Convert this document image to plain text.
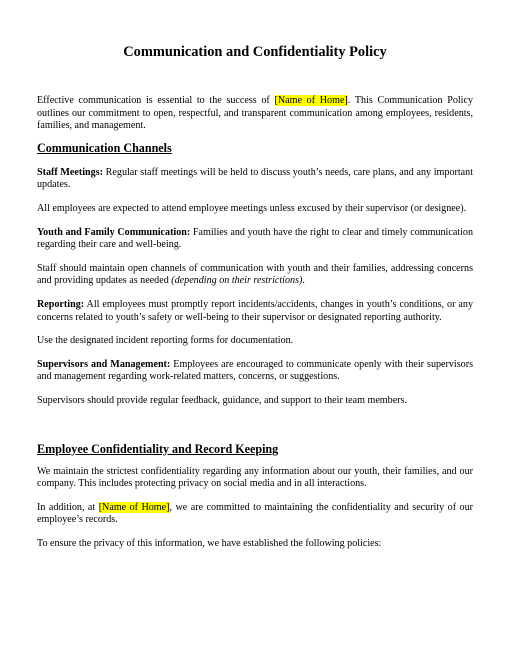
Communication and Confidentiality Policy

Effective communication is essential to the success of [Name of Home]. This Communication Policy outlines our commitment to open, respectful, and transparent communication among employees, residents, families, and management.

Communication Channels

Staff Meetings: Regular staff meetings will be held to discuss youth’s needs, care plans, and any important updates.

All employees are expected to attend employee meetings unless excused by their supervisor (or designee).

Youth and Family Communication: Families and youth have the right to clear and timely communication regarding their care and well-being.

Staff should maintain open channels of communication with youth and their families, addressing concerns and providing updates as needed (depending on their restrictions).

Reporting: All employees must promptly report incidents/accidents, changes in youth’s conditions, or any concerns related to youth’s safety or well-being to their supervisor or designated reporting authority.

Use the designated incident reporting forms for documentation.

Supervisors and Management: Employees are encouraged to communicate openly with their supervisors and management regarding work-related matters, concerns, or suggestions.

Supervisors should provide regular feedback, guidance, and support to their team members.

Employee Confidentiality and Record Keeping

We maintain the strictest confidentiality regarding any information about our youth, their families, and our company. This includes protecting privacy on social media and in all interactions.

In addition, at [Name of Home], we are committed to maintaining the confidentiality and security of our employee’s records.

To ensure the privacy of this information, we have established the following policies:
